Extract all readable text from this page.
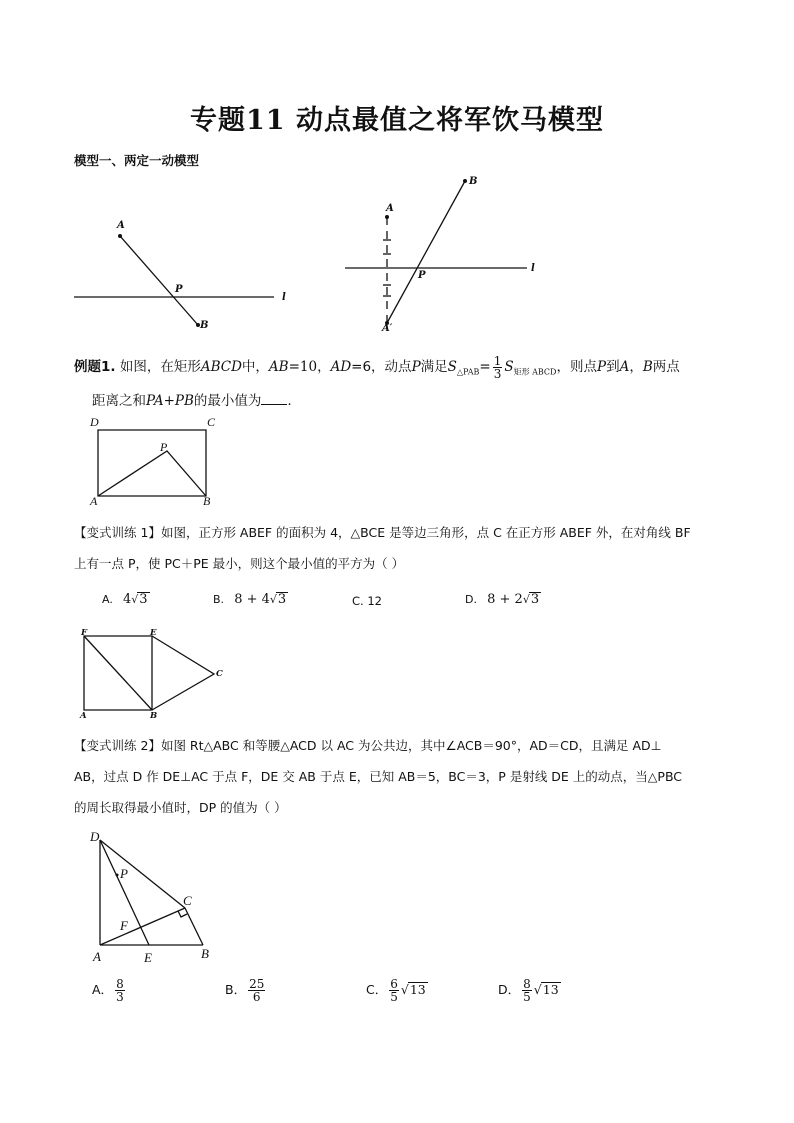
专题11 动点最值之将军饮马模型
模型一、两定一动模型
A
B
P
l
A
B
P
l
A′
例题1. 如图，在矩形ABCD中，AB=10，AD=6，动点P满足$S_{\triangle PAB}= \frac{1}{3} S_{矩形 ABCD}$，则点P到A，B两点
距离之和PA+PB的最小值为 .
D	C
P
A	B
【变式训练 1】如图，正方形 ABEF 的面积为 4，△BCE 是等边三角形，点 C 在正方形 ABEF 外，在对角线 BF
上有一点 P，使 PC＋PE 最小，则这个最小值的平方为（ ）
A. 4√3	B. 8 + 4√3	C. 12	D. 8 + 2√3
F	E
C
A	B
【变式训练 2】如图 Rt△ABC 和等腰△ACD 以 AC 为公共边，其中∠ACB＝90°，AD＝CD，且满足 AD⊥
AB，过点 D 作 DE⊥AC 于点 F，DE 交 AB 于点 E，已知 AB＝5，BC＝3，P 是射线 DE 上的动点，当△PBC
的周长取得最小值时，DP 的值为（ ）
D
P
C
F
A	E	B
A． $\frac{8}{3}$	B． $\frac{25}{6}$	C． $\frac{6}{5} √13$	D． $\frac{8}{5} √13$
